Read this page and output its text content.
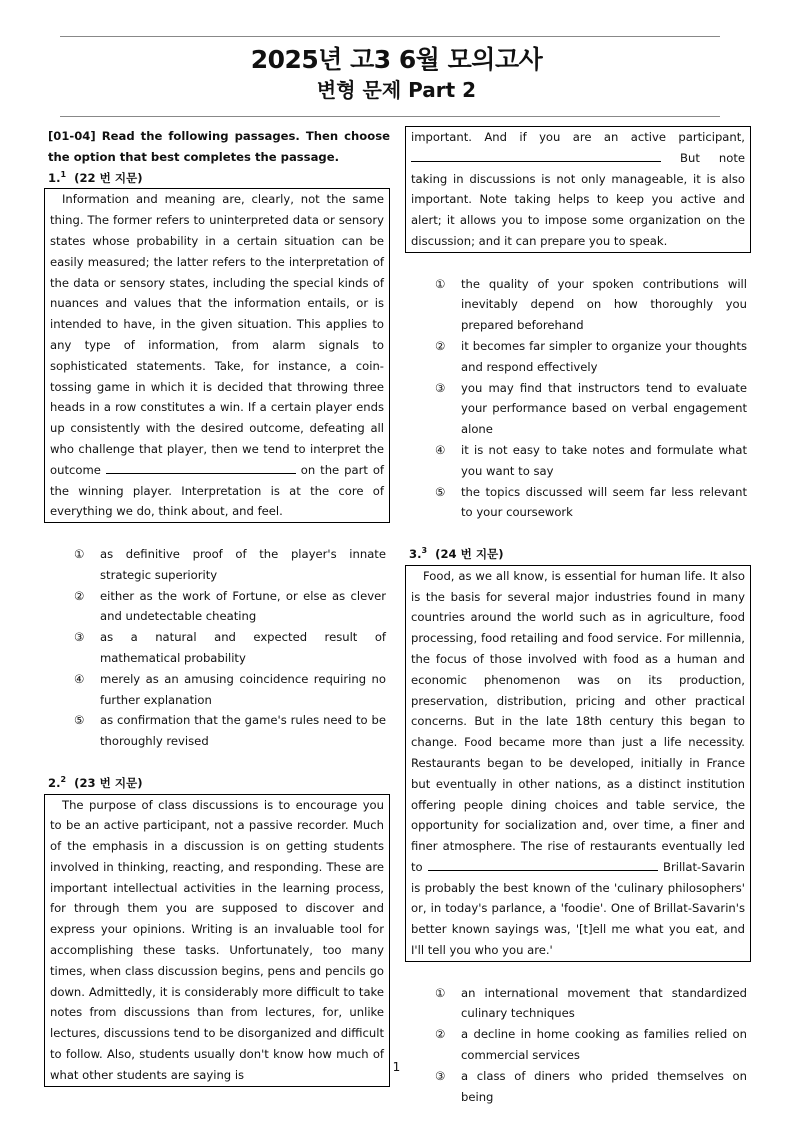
2025년 고3 6월 모의고사
변형 문제 Part 2
[01-04] Read the following passages. Then choose the option that best completes the passage.
1.$^1$ (22 번 지문)

Information and meaning are, clearly, not the same thing. The former refers to uninterpreted data or sensory states whose probability in a certain situation can be easily measured; the latter refers to the interpretation of the data or sensory states, including the special kinds of nuances and values that the information entails, or is intended to have, in the given situation. This applies to any type of information, from alarm signals to sophisticated statements. Take, for instance, a coin-tossing game in which it is decided that throwing three heads in a row constitutes a win. If a certain player ends up consistently with the desired outcome, defeating all who challenge that player, then we tend to interpret the outcome	on the part of the winning player. Interpretation is at the core of everything we do, think about, and feel.

① as definitive proof of the player's innate strategic superiority
② either as the work of Fortune, or else as clever and undetectable cheating
③ as a natural and expected result of mathematical probability
④ merely as an amusing coincidence requiring no further explanation
⑤ as confirmation that the game's rules need to be thoroughly revised
2.$^2$ (23 번 지문)

The purpose of class discussions is to encourage you to be an active participant, not a passive recorder. Much of the emphasis in a discussion is on getting students involved in thinking, reacting, and responding. These are important intellectual activities in the learning process, for through them you are supposed to discover and express your opinions. Writing is an invaluable tool for accomplishing these tasks. Unfortunately, too many times, when class discussion begins, pens and pencils go down. Admittedly, it is considerably more difficult to take notes from discussions than from lectures, for, unlike lectures, discussions tend to be disorganized and difficult to follow. Also, students usually don't know how much of what other students are saying is

important. And if you are an active participant,  But note taking in discussions is not only manageable, it is also important. Note taking helps to keep you active and alert; it allows you to impose some organization on the discussion; and it can prepare you to speak.

① the quality of your spoken contributions will inevitably depend on how thoroughly you prepared beforehand
② it becomes far simpler to organize your thoughts and respond effectively
③ you may find that instructors tend to evaluate your performance based on verbal engagement alone
④ it is not easy to take notes and formulate what you want to say
⑤ the topics discussed will seem far less relevant to your coursework
3.$^3$ (24 번 지문)

Food, as we all know, is essential for human life. It also is the basis for several major industries found in many countries around the world such as in agriculture, food processing, food retailing and food service. For millennia, the focus of those involved with food as a human and economic phenomenon was on its production, preservation, distribution, pricing and other practical concerns. But in the late 18th century this began to change. Food became more than just a life necessity. Restaurants began to be developed, initially in France but eventually in other nations, as a distinct institution offering people dining choices and table service, the opportunity for socialization and, over time, a finer and finer atmosphere. The rise of restaurants eventually led to	Brillat-Savarin is probably the best known of the 'culinary philosophers' or, in today's parlance, a 'foodie'. One of Brillat-Savarin's better known sayings was, '[t]ell me what you eat, and I'll tell you who you are.'

① an international movement that standardized culinary techniques
② a decline in home cooking as families relied on commercial services
③ a class of diners who prided themselves on being
1
